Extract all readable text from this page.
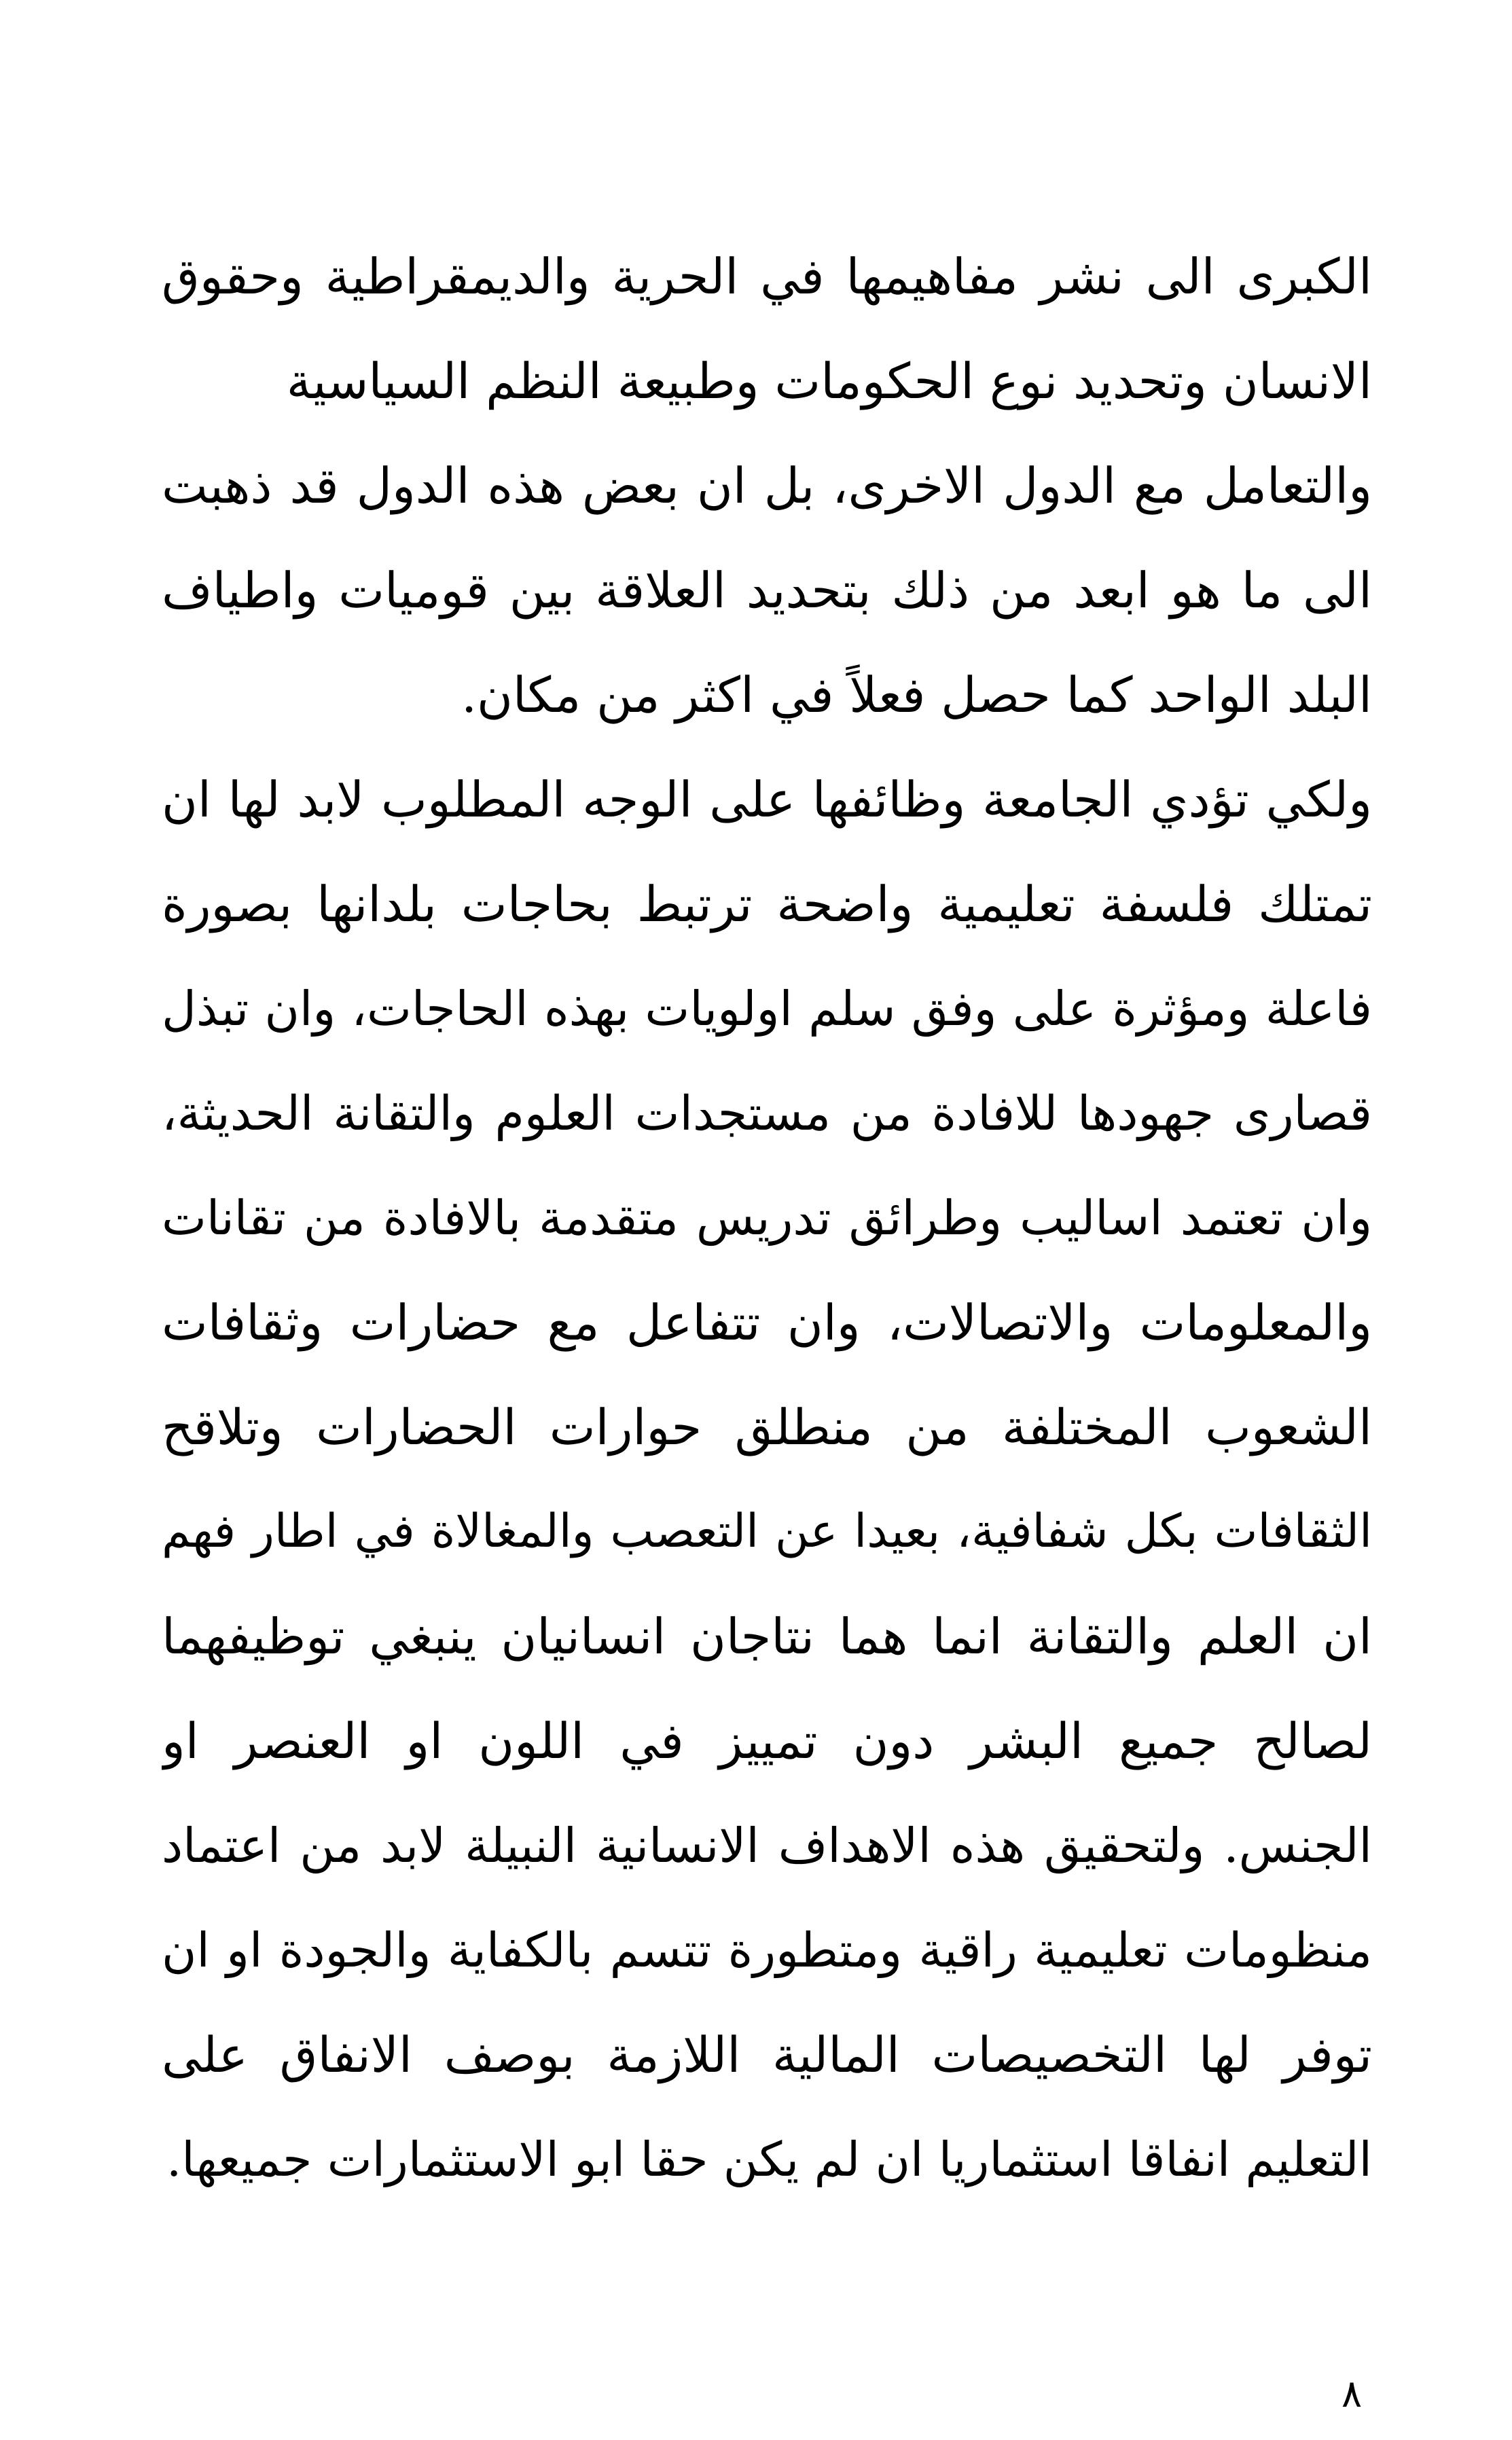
الكبرى الى نشر مفاهيمها في الحرية والديمقراطية وحقوق
الانسان وتحديد نوع الحكومات وطبيعة النظم السياسية
والتعامل مع الدول الاخرى، بل ان بعض هذه الدول قد ذهبت
الى ما هو ابعد من ذلك بتحديد العلاقة بين قوميات واطياف
البلد الواحد كما حصل فعلاً في اكثر من مكان.
ولكي تؤدي الجامعة وظائفها على الوجه المطلوب لابد لها ان
تمتلك فلسفة تعليمية واضحة ترتبط بحاجات بلدانها بصورة
فاعلة ومؤثرة على وفق سلم اولويات بهذه الحاجات، وان تبذل
قصارى جهودها للافادة من مستجدات العلوم والتقانة الحديثة،
وان تعتمد اساليب وطرائق تدريس متقدمة بالافادة من تقانات
والمعلومات والاتصالات، وان تتفاعل مع حضارات وثقافات
الشعوب المختلفة من منطلق حوارات الحضارات وتلاقح
الثقافات بكل شفافية، بعيدا عن التعصب والمغالاة في اطار فهم
ان العلم والتقانة انما هما نتاجان انسانيان ينبغي توظيفهما
لصالح جميع البشر دون تمييز في اللون او العنصر او
الجنس. ولتحقيق هذه الاهداف الانسانية النبيلة لابد من اعتماد
منظومات تعليمية راقية ومتطورة تتسم بالكفاية والجودة او ان
توفر لها التخصيصات المالية اللازمة بوصف الانفاق على
التعليم انفاقا استثماريا ان لم يكن حقا ابو الاستثمارات جميعها.
٨
